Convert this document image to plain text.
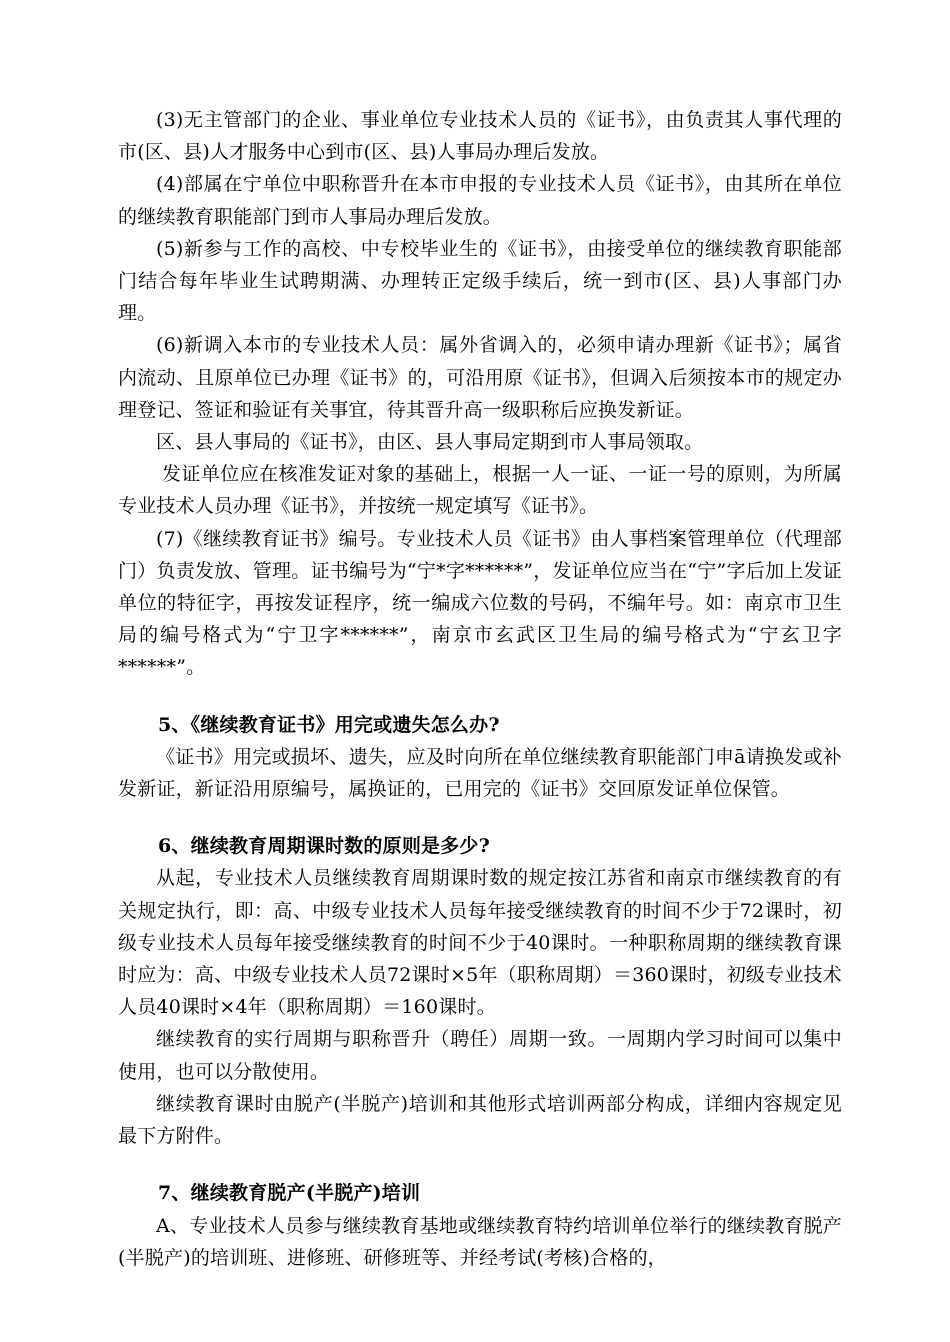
(3)无主管部门的企业、事业单位专业技术人员的《证书》，由负责其人事代理的市(区、县)人才服务中心到市(区、县)人事局办理后发放。

(4)部属在宁单位中职称晋升在本市申报的专业技术人员《证书》，由其所在单位的继续教育职能部门到市人事局办理后发放。

(5)新参与工作的高校、中专校毕业生的《证书》，由接受单位的继续教育职能部门结合每年毕业生试聘期满、办理转正定级手续后，统一到市(区、县)人事部门办理。

(6)新调入本市的专业技术人员：属外省调入的，必须申请办理新《证书》；属省内流动、且原单位已办理《证书》的，可沿用原《证书》，但调入后须按本市的规定办理登记、签证和验证有关事宜，待其晋升高一级职称后应换发新证。

区、县人事局的《证书》，由区、县人事局定期到市人事局领取。

发证单位应在核准发证对象的基础上，根据一人一证、一证一号的原则，为所属专业技术人员办理《证书》，并按统一规定填写《证书》。

(7)《继续教育证书》编号。专业技术人员《证书》由人事档案管理单位（代理部门）负责发放、管理。证书编号为“宁*字******”，发证单位应当在“宁”字后加上发证单位的特征字，再按发证程序，统一编成六位数的号码，不编年号。如：南京市卫生局的编号格式为“宁卫字******”，南京市玄武区卫生局的编号格式为“宁玄卫字******”。

5、《继续教育证书》用完或遗失怎么办?

《证书》用完或损坏、遗失，应及时向所在单位继续教育职能部门申ā请换发或补发新证，新证沿用原编号，属换证的，已用完的《证书》交回原发证单位保管。

6、继续教育周期课时数的原则是多少?

从起，专业技术人员继续教育周期课时数的规定按江苏省和南京市继续教育的有关规定执行，即：高、中级专业技术人员每年接受继续教育的时间不少于72课时，初级专业技术人员每年接受继续教育的时间不少于40课时。一种职称周期的继续教育课时应为：高、中级专业技术人员72课时×5年（职称周期）＝360课时，初级专业技术人员40课时×4年（职称周期）＝160课时。

继续教育的实行周期与职称晋升（聘任）周期一致。一周期内学习时间可以集中使用，也可以分散使用。

继续教育课时由脱产(半脱产)培训和其他形式培训两部分构成，详细内容规定见最下方附件。

7、继续教育脱产(半脱产)培训

A、专业技术人员参与继续教育基地或继续教育特约培训单位举行的继续教育脱产(半脱产)的培训班、进修班、研修班等、并经考试(考核)合格的，
